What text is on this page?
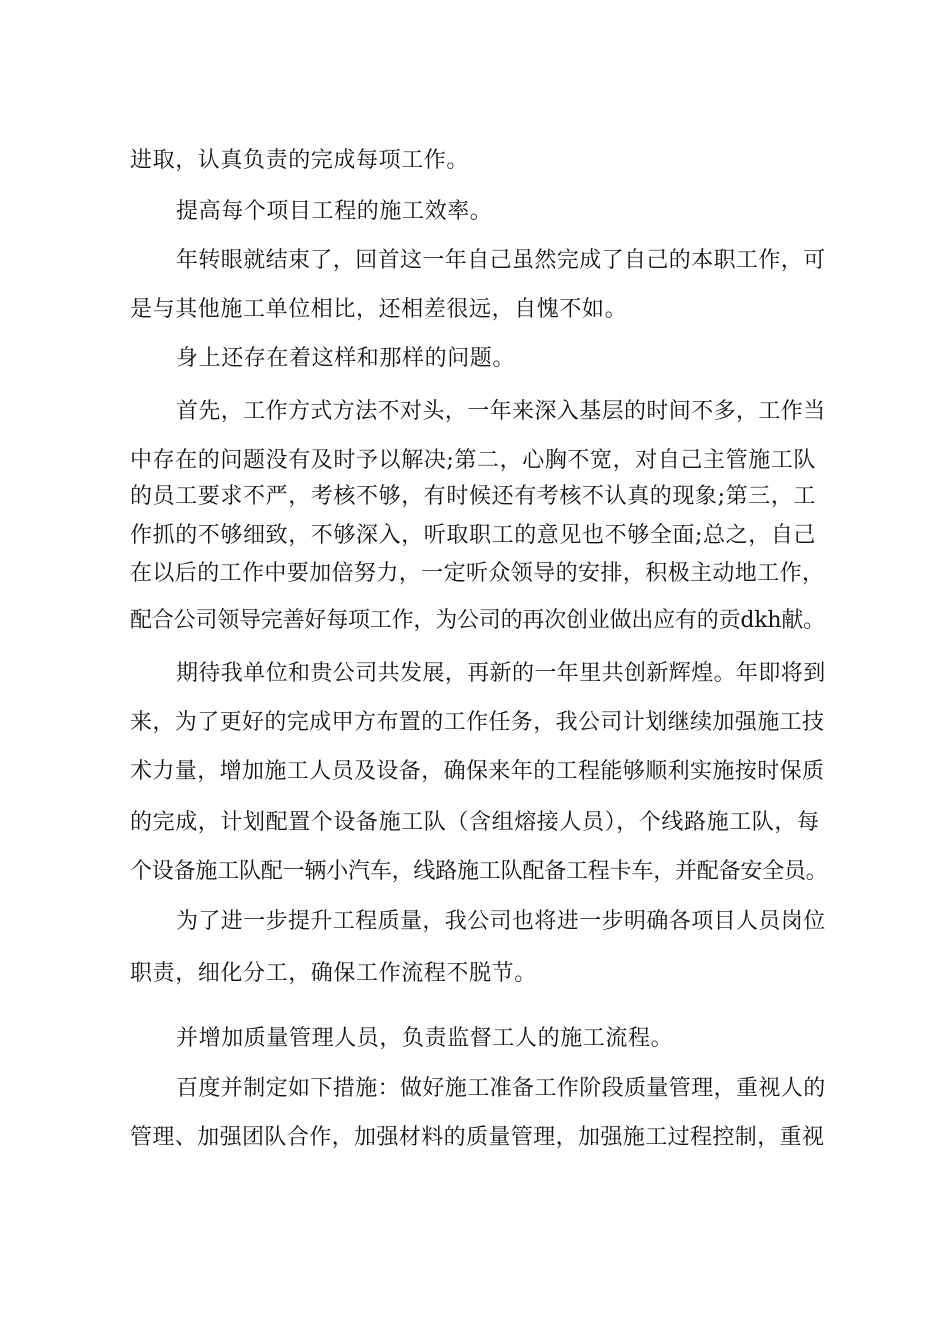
进取，认真负责的完成每项工作。
提高每个项目工程的施工效率。
年转眼就结束了，回首这一年自己虽然完成了自己的本职工作，可
是与其他施工单位相比，还相差很远，自愧不如。
身上还存在着这样和那样的问题。
首先，工作方式方法不对头，一年来深入基层的时间不多，工作当
中存在的问题没有及时予以解决;第二，心胸不宽，对自己主管施工队
的员工要求不严，考核不够，有时候还有考核不认真的现象;第三，工
作抓的不够细致，不够深入，听取职工的意见也不够全面;总之，自己
在以后的工作中要加倍努力，一定听众领导的安排，积极主动地工作，
配合公司领导完善好每项工作，为公司的再次创业做出应有的贡dkh献。
期待我单位和贵公司共发展，再新的一年里共创新辉煌。年即将到
来，为了更好的完成甲方布置的工作任务，我公司计划继续加强施工技
术力量，增加施工人员及设备，确保来年的工程能够顺利实施按时保质
的完成，计划配置个设备施工队（含组熔接人员），个线路施工队，每
个设备施工队配一辆小汽车，线路施工队配备工程卡车，并配备安全员。
为了进一步提升工程质量，我公司也将进一步明确各项目人员岗位
职责，细化分工，确保工作流程不脱节。
并增加质量管理人员，负责监督工人的施工流程。
百度并制定如下措施：做好施工准备工作阶段质量管理，重视人的
管理、加强团队合作，加强材料的质量管理，加强施工过程控制，重视
